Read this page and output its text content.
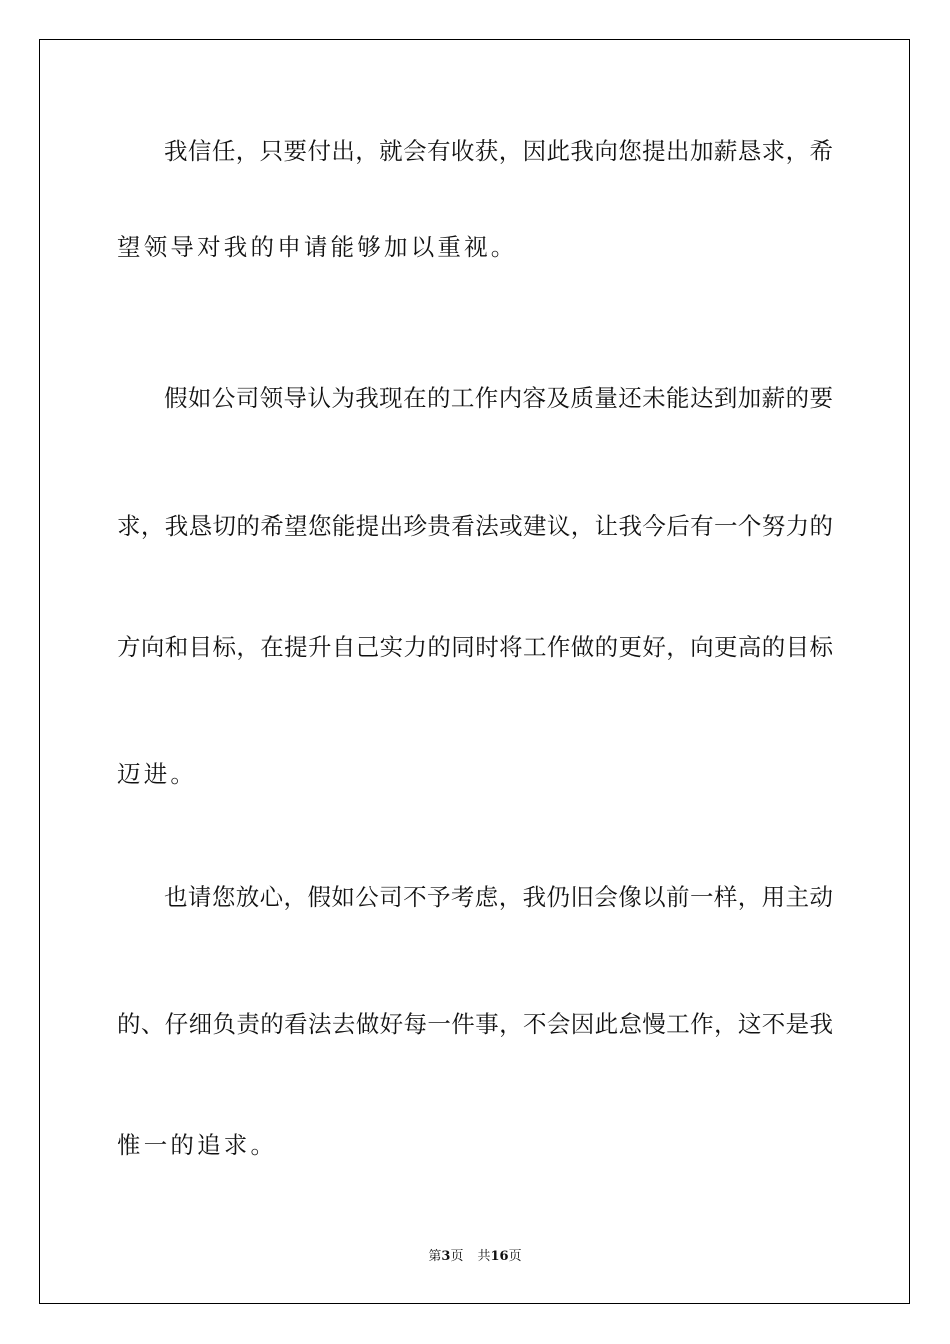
我信任，只要付出，就会有收获，因此我向您提出加薪恳求，希

望领导对我的申请能够加以重视。

假如公司领导认为我现在的工作内容及质量还未能达到加薪的要

求，我恳切的希望您能提出珍贵看法或建议，让我今后有一个努力的

方向和目标，在提升自己实力的同时将工作做的更好，向更高的目标

迈进。

也请您放心，假如公司不予考虑，我仍旧会像以前一样，用主动

的、仔细负责的看法去做好每一件事，不会因此怠慢工作，这不是我

惟一的追求。

第3页 共16页
